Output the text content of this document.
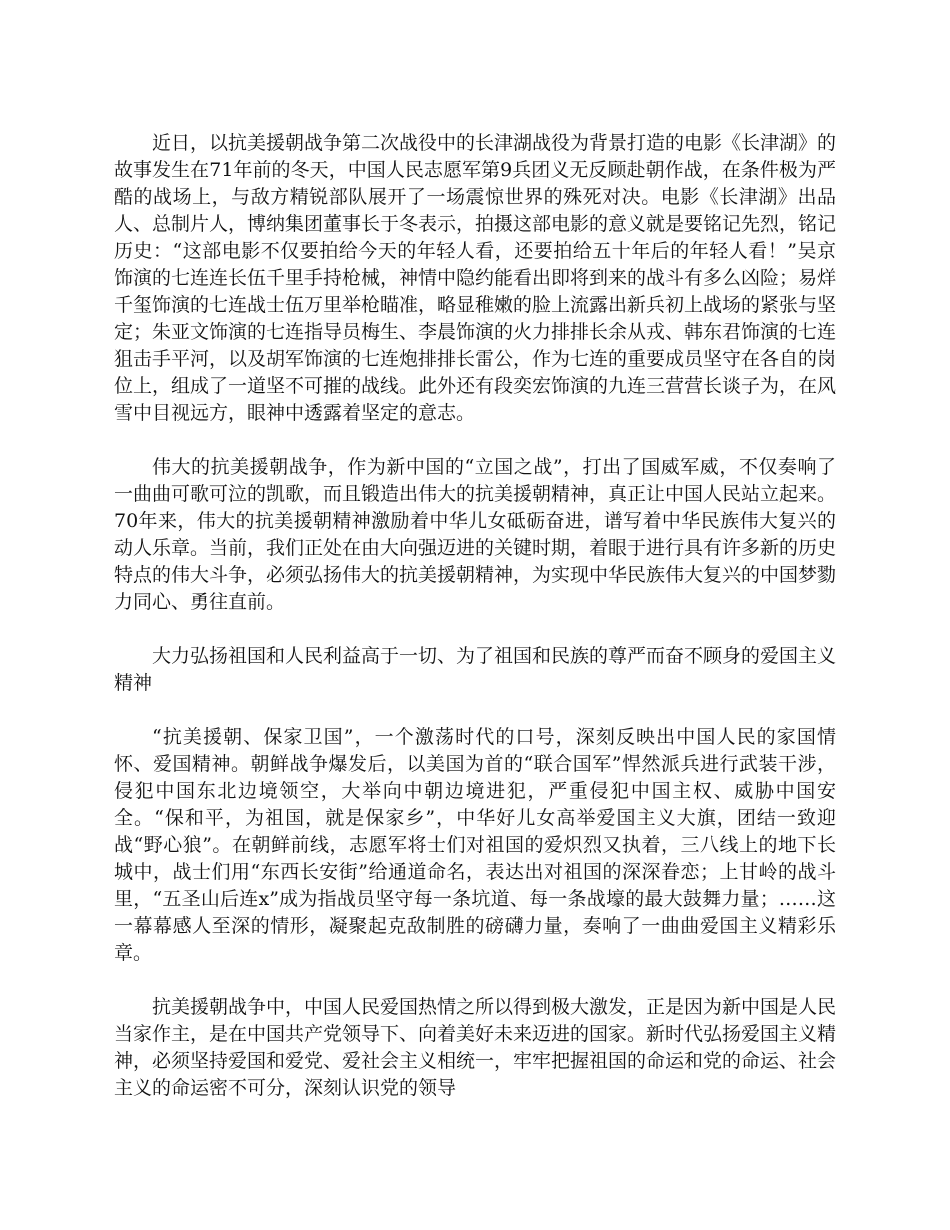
近日，以抗美援朝战争第二次战役中的长津湖战役为背景打造的电影《长津湖》的故事发生在71年前的冬天，中国人民志愿军第9兵团义无反顾赴朝作战，在条件极为严酷的战场上，与敌方精锐部队展开了一场震惊世界的殊死对决。电影《长津湖》出品人、总制片人，博纳集团董事长于冬表示，拍摄这部电影的意义就是要铭记先烈，铭记历史：“这部电影不仅要拍给今天的年轻人看，还要拍给五十年后的年轻人看！”吴京饰演的七连连长伍千里手持枪械，神情中隐约能看出即将到来的战斗有多么凶险；易烊千玺饰演的七连战士伍万里举枪瞄准，略显稚嫩的脸上流露出新兵初上战场的紧张与坚定；朱亚文饰演的七连指导员梅生、李晨饰演的火力排排长余从戎、韩东君饰演的七连狙击手平河，以及胡军饰演的七连炮排排长雷公，作为七连的重要成员坚守在各自的岗位上，组成了一道坚不可摧的战线。此外还有段奕宏饰演的九连三营营长谈子为，在风雪中目视远方，眼神中透露着坚定的意志。

伟大的抗美援朝战争，作为新中国的“立国之战”，打出了国威军威，不仅奏响了一曲曲可歌可泣的凯歌，而且锻造出伟大的抗美援朝精神，真正让中国人民站立起来。70年来，伟大的抗美援朝精神激励着中华儿女砥砺奋进，谱写着中华民族伟大复兴的动人乐章。当前，我们正处在由大向强迈进的关键时期，着眼于进行具有许多新的历史特点的伟大斗争，必须弘扬伟大的抗美援朝精神，为实现中华民族伟大复兴的中国梦勠力同心、勇往直前。

大力弘扬祖国和人民利益高于一切、为了祖国和民族的尊严而奋不顾身的爱国主义精神

“抗美援朝、保家卫国”，一个激荡时代的口号，深刻反映出中国人民的家国情怀、爱国精神。朝鲜战争爆发后，以美国为首的“联合国军”悍然派兵进行武装干涉，侵犯中国东北边境领空，大举向中朝边境进犯，严重侵犯中国主权、威胁中国安全。“保和平，为祖国，就是保家乡”，中华好儿女高举爱国主义大旗，团结一致迎战“野心狼”。在朝鲜前线，志愿军将士们对祖国的爱炽烈又执着，三八线上的地下长城中，战士们用“东西长安街”给通道命名，表达出对祖国的深深眷恋；上甘岭的战斗里，“五圣山后连x”成为指战员坚守每一条坑道、每一条战壕的最大鼓舞力量；……这一幕幕感人至深的情形，凝聚起克敌制胜的磅礴力量，奏响了一曲曲爱国主义精彩乐章。

抗美援朝战争中，中国人民爱国热情之所以得到极大激发，正是因为新中国是人民当家作主，是在中国共产党领导下、向着美好未来迈进的国家。新时代弘扬爱国主义精神，必须坚持爱国和爱党、爱社会主义相统一，牢牢把握祖国的命运和党的命运、社会主义的命运密不可分，深刻认识党的领导
